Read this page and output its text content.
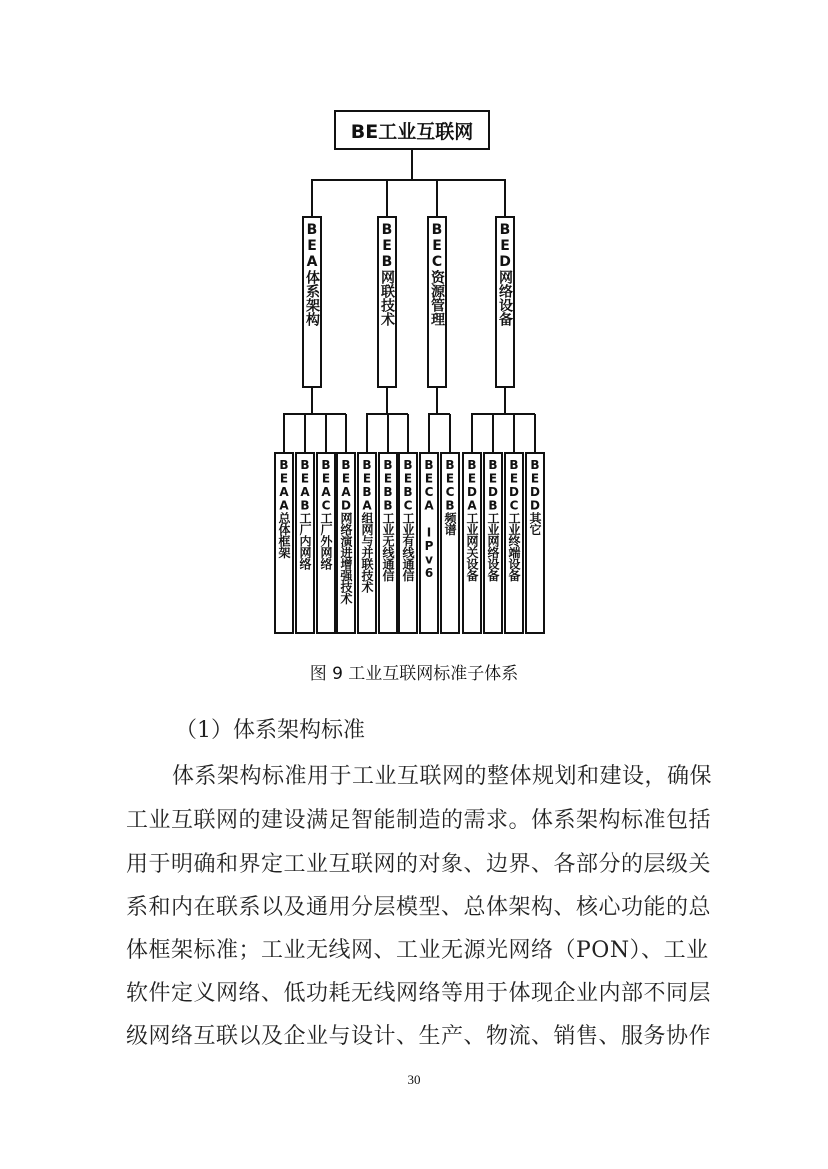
BE工业互联网
BEA体系架构	BEB网联技术 BEC资源管理	BED网络设备
BEAA总体框架 BEAB工厂内网络 BEAC工厂外网络 BEAD网络演进增强技术 BEBA组网与并联技术 BEBB工业无线通信 BEBC工业有线通信 BECA IPv6 BECB频谱 BEDA工业网关设备 BEDB工业网络设备 BEDC工业终端设备 BEDD其它
图 9 工业互联网标准子体系
（1）体系架构标准
体系架构标准用于工业互联网的整体规划和建设，确保
工业互联网的建设满足智能制造的需求。体系架构标准包括
用于明确和界定工业互联网的对象、边界、各部分的层级关
系和内在联系以及通用分层模型、总体架构、核心功能的总
体框架标准；工业无线网、工业无源光网络（PON）、工业
软件定义网络、低功耗无线网络等用于体现企业内部不同层
级网络互联以及企业与设计、生产、物流、销售、服务协作
30
